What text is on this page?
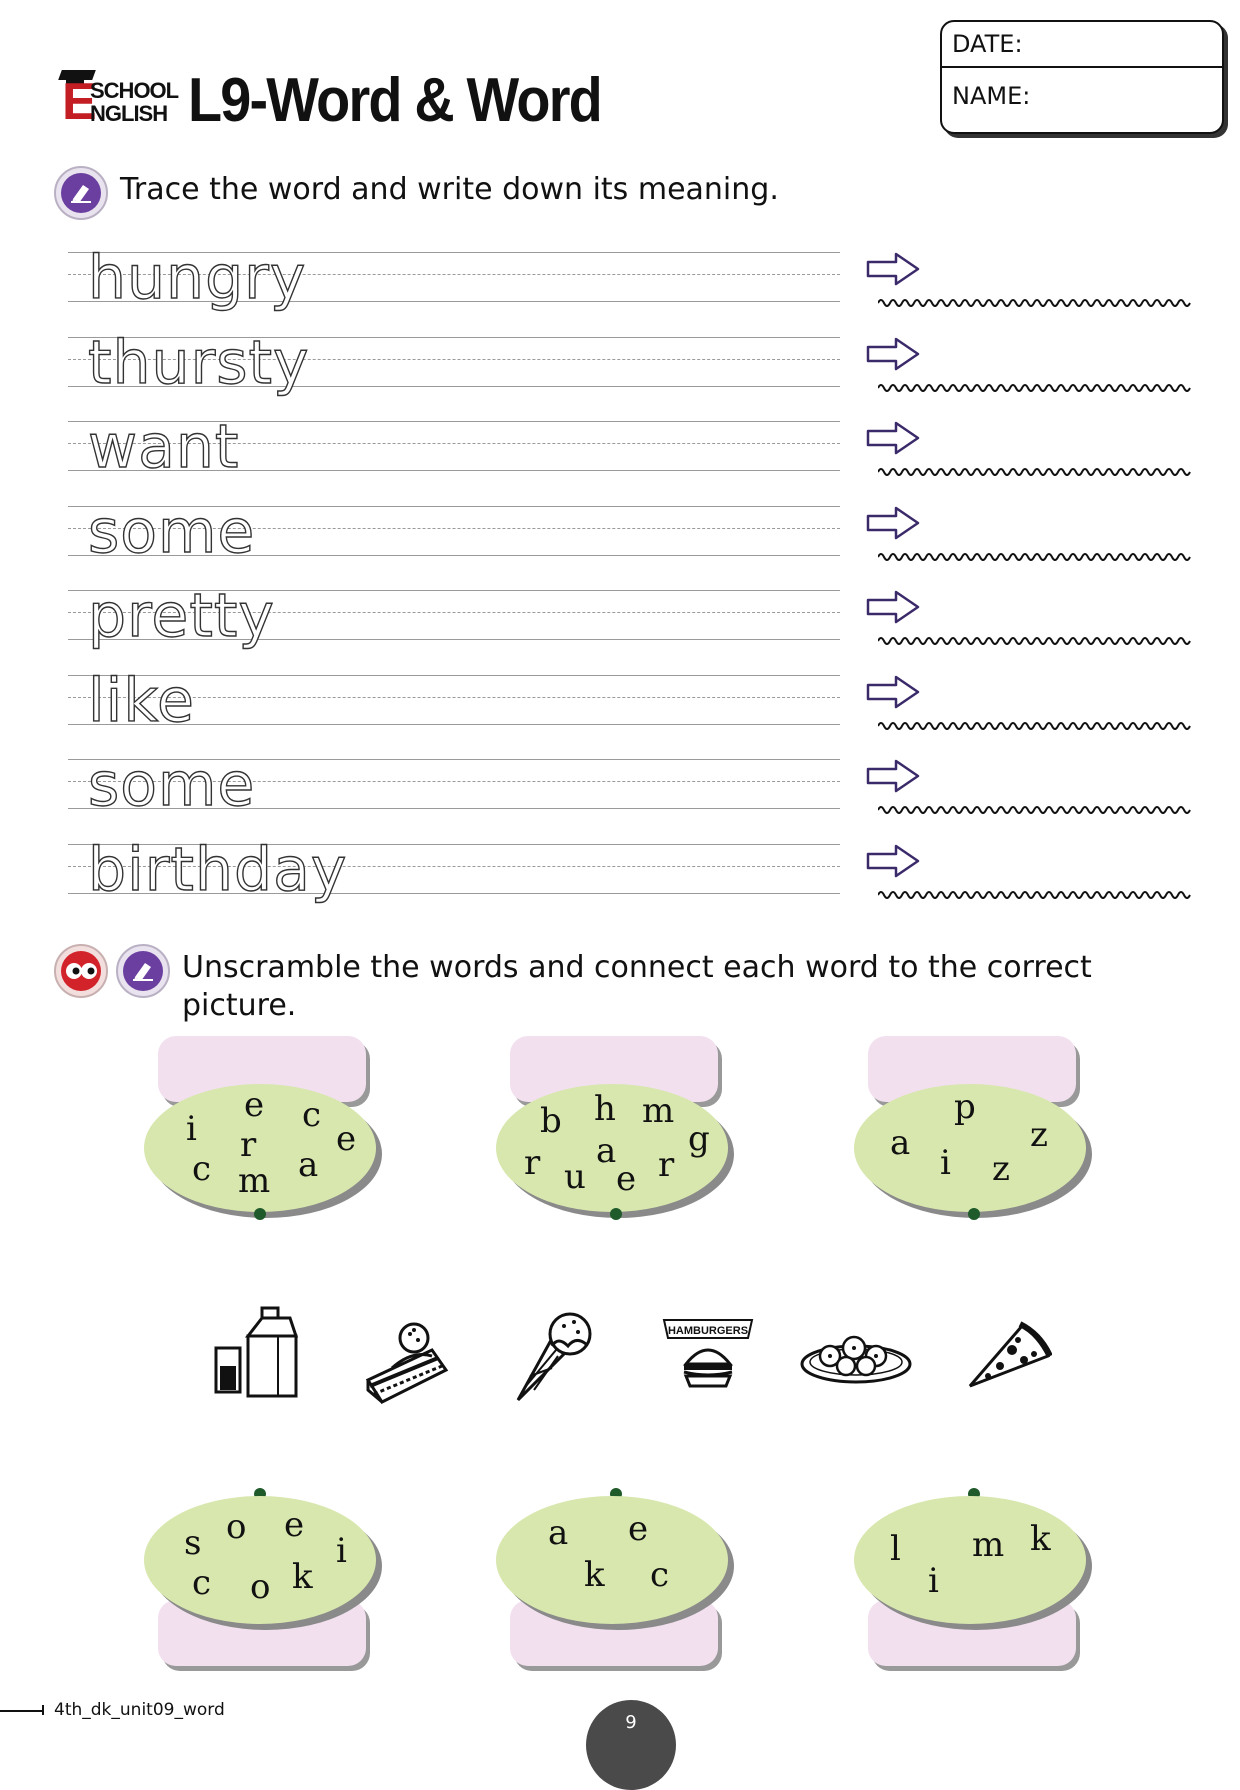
E
SCHOOL
NGLISH L9-Word & Word
DATE:
NAME:
Trace the word and write down its meaning.
hungry
thursty
want
some
pretty
like
some
birthday
Unscramble the words and connect each word to the correct
picture.
i
e c
r e
c m a
b h m
a g
r u e r
a
p
z
i z
HAMBURGERS
s o e
i
c o k
a e
k c
l m k
i
4th_dk_unit09_word
9
